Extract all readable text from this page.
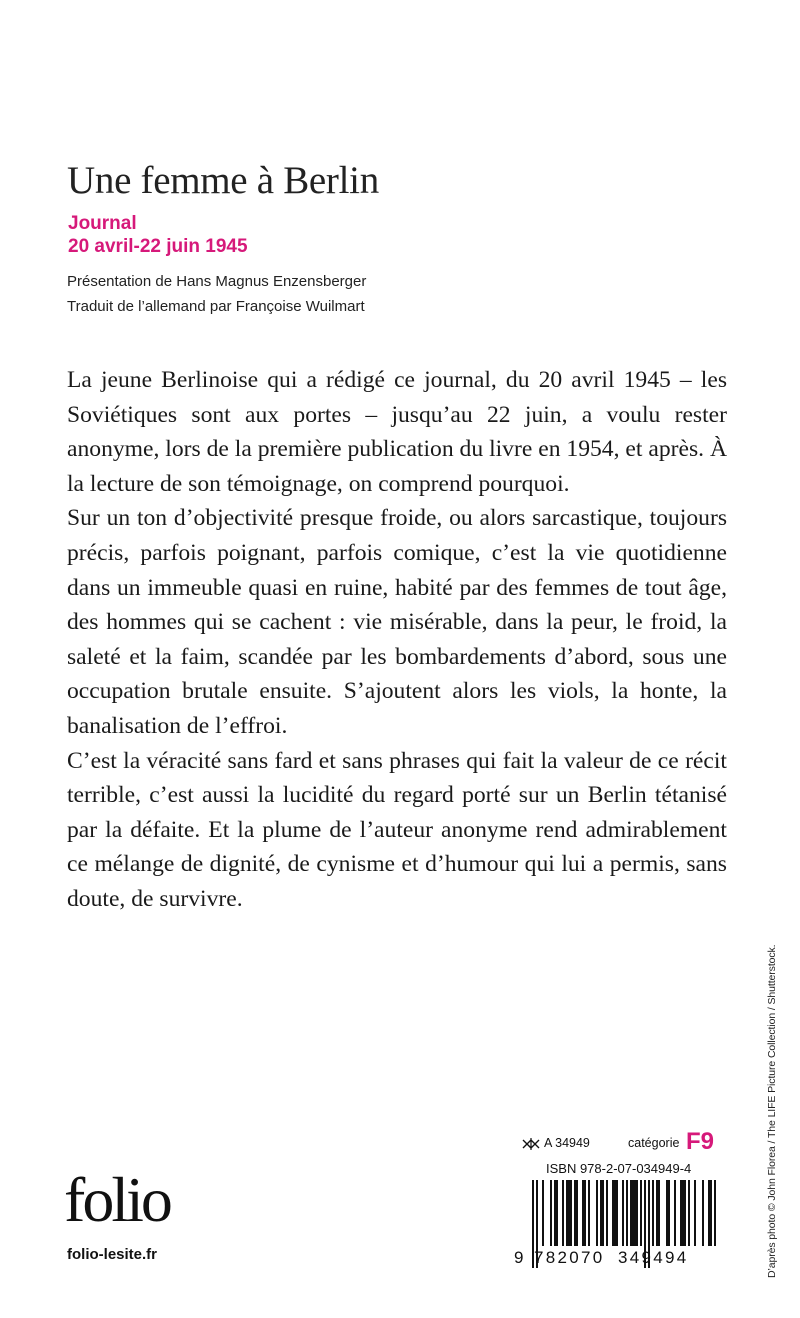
Une femme à Berlin
Journal
20 avril-22 juin 1945
Présentation de Hans Magnus Enzensberger
Traduit de l’allemand par Françoise Wuilmart

La jeune Berlinoise qui a rédigé ce journal, du 20 avril 1945 – les Soviétiques sont aux portes – jusqu’au 22 juin, a voulu rester anonyme, lors de la première publication du livre en 1954, et après. À la lecture de son témoignage, on comprend pourquoi.

Sur un ton d’objectivité presque froide, ou alors sarcastique, toujours précis, parfois poignant, parfois comique, c’est la vie quotidienne dans un immeuble quasi en ruine, habité par des femmes de tout âge, des hommes qui se cachent : vie misérable, dans la peur, le froid, la saleté et la faim, scandée par les bombardements d’abord, sous une occupation brutale ensuite. S’ajoutent alors les viols, la honte, la banalisation de l’effroi.

C’est la véracité sans fard et sans phrases qui fait la valeur de ce récit terrible, c’est aussi la lucidité du regard porté sur un Berlin tétanisé par la défaite. Et la plume de l’auteur anonyme rend admirablement ce mélange de dignité, de cynisme et d’humour qui lui a permis, sans doute, de survivre.

D’après photo © John Florea / The LIFE Picture Collection / Shutterstock.
folio
folio-lesite.fr
A 34949	catégorie F9
ISBN 978-2-07-034949-4
9 782070 349494
